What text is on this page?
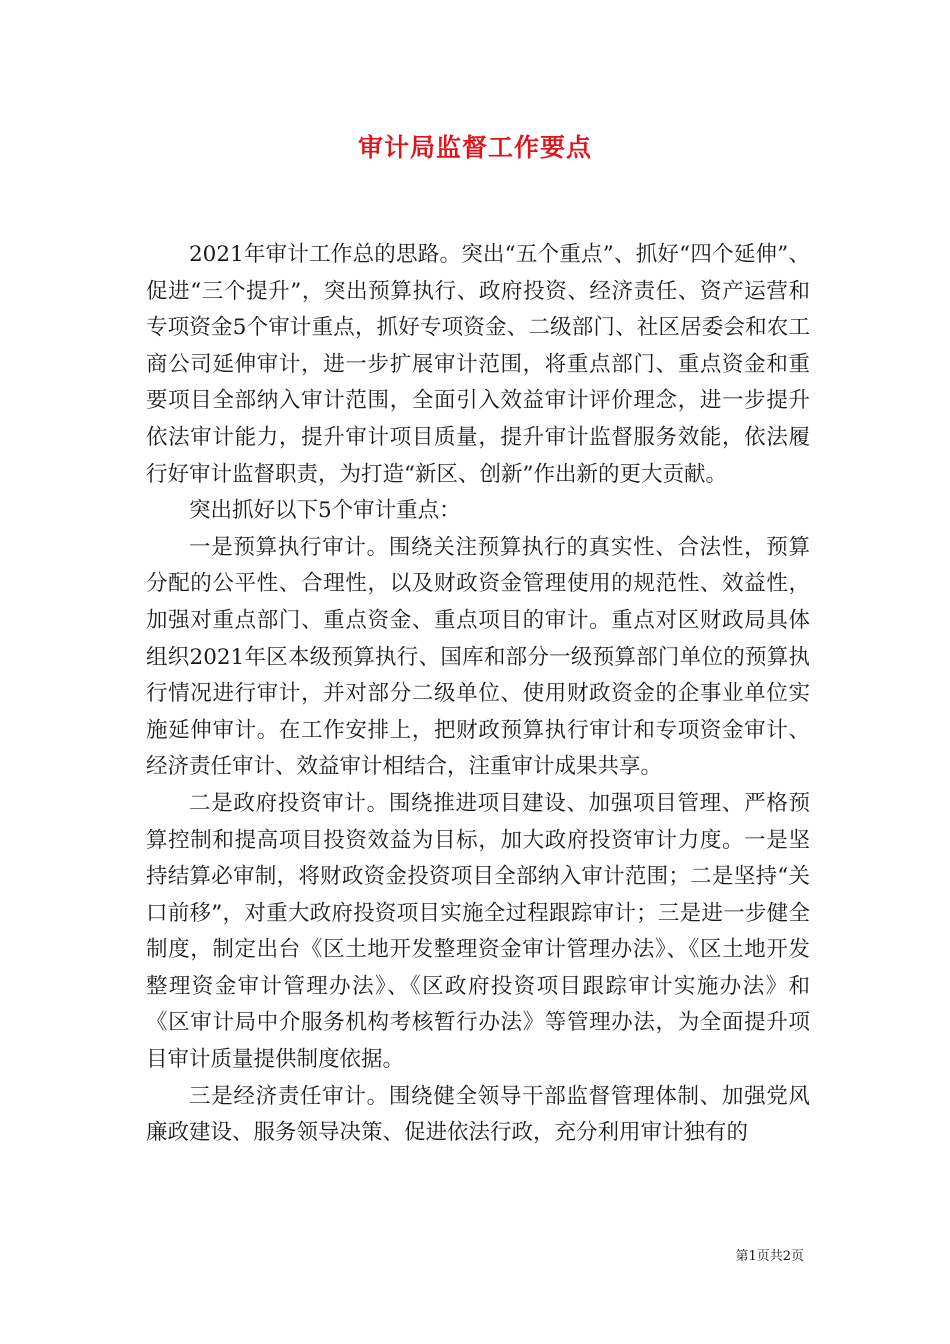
审计局监督工作要点

2021年审计工作总的思路。突出“五个重点”、抓好“四个延伸”、促进“三个提升”，突出预算执行、政府投资、经济责任、资产运营和专项资金5个审计重点，抓好专项资金、二级部门、社区居委会和农工商公司延伸审计，进一步扩展审计范围，将重点部门、重点资金和重要项目全部纳入审计范围，全面引入效益审计评价理念，进一步提升依法审计能力，提升审计项目质量，提升审计监督服务效能，依法履行好审计监督职责，为打造“新区、创新”作出新的更大贡献。

突出抓好以下5个审计重点：

一是预算执行审计。围绕关注预算执行的真实性、合法性，预算分配的公平性、合理性，以及财政资金管理使用的规范性、效益性，加强对重点部门、重点资金、重点项目的审计。重点对区财政局具体组织2021年区本级预算执行、国库和部分一级预算部门单位的预算执行情况进行审计，并对部分二级单位、使用财政资金的企事业单位实施延伸审计。在工作安排上，把财政预算执行审计和专项资金审计、经济责任审计、效益审计相结合，注重审计成果共享。

二是政府投资审计。围绕推进项目建设、加强项目管理、严格预算控制和提高项目投资效益为目标，加大政府投资审计力度。一是坚持结算必审制，将财政资金投资项目全部纳入审计范围；二是坚持“关口前移”，对重大政府投资项目实施全过程跟踪审计；三是进一步健全制度，制定出台《区土地开发整理资金审计管理办法》、《区土地开发整理资金审计管理办法》、《区政府投资项目跟踪审计实施办法》和《区审计局中介服务机构考核暂行办法》等管理办法，为全面提升项目审计质量提供制度依据。

三是经济责任审计。围绕健全领导干部监督管理体制、加强党风廉政建设、服务领导决策、促进依法行政，充分利用审计独有的

第1页共2页
